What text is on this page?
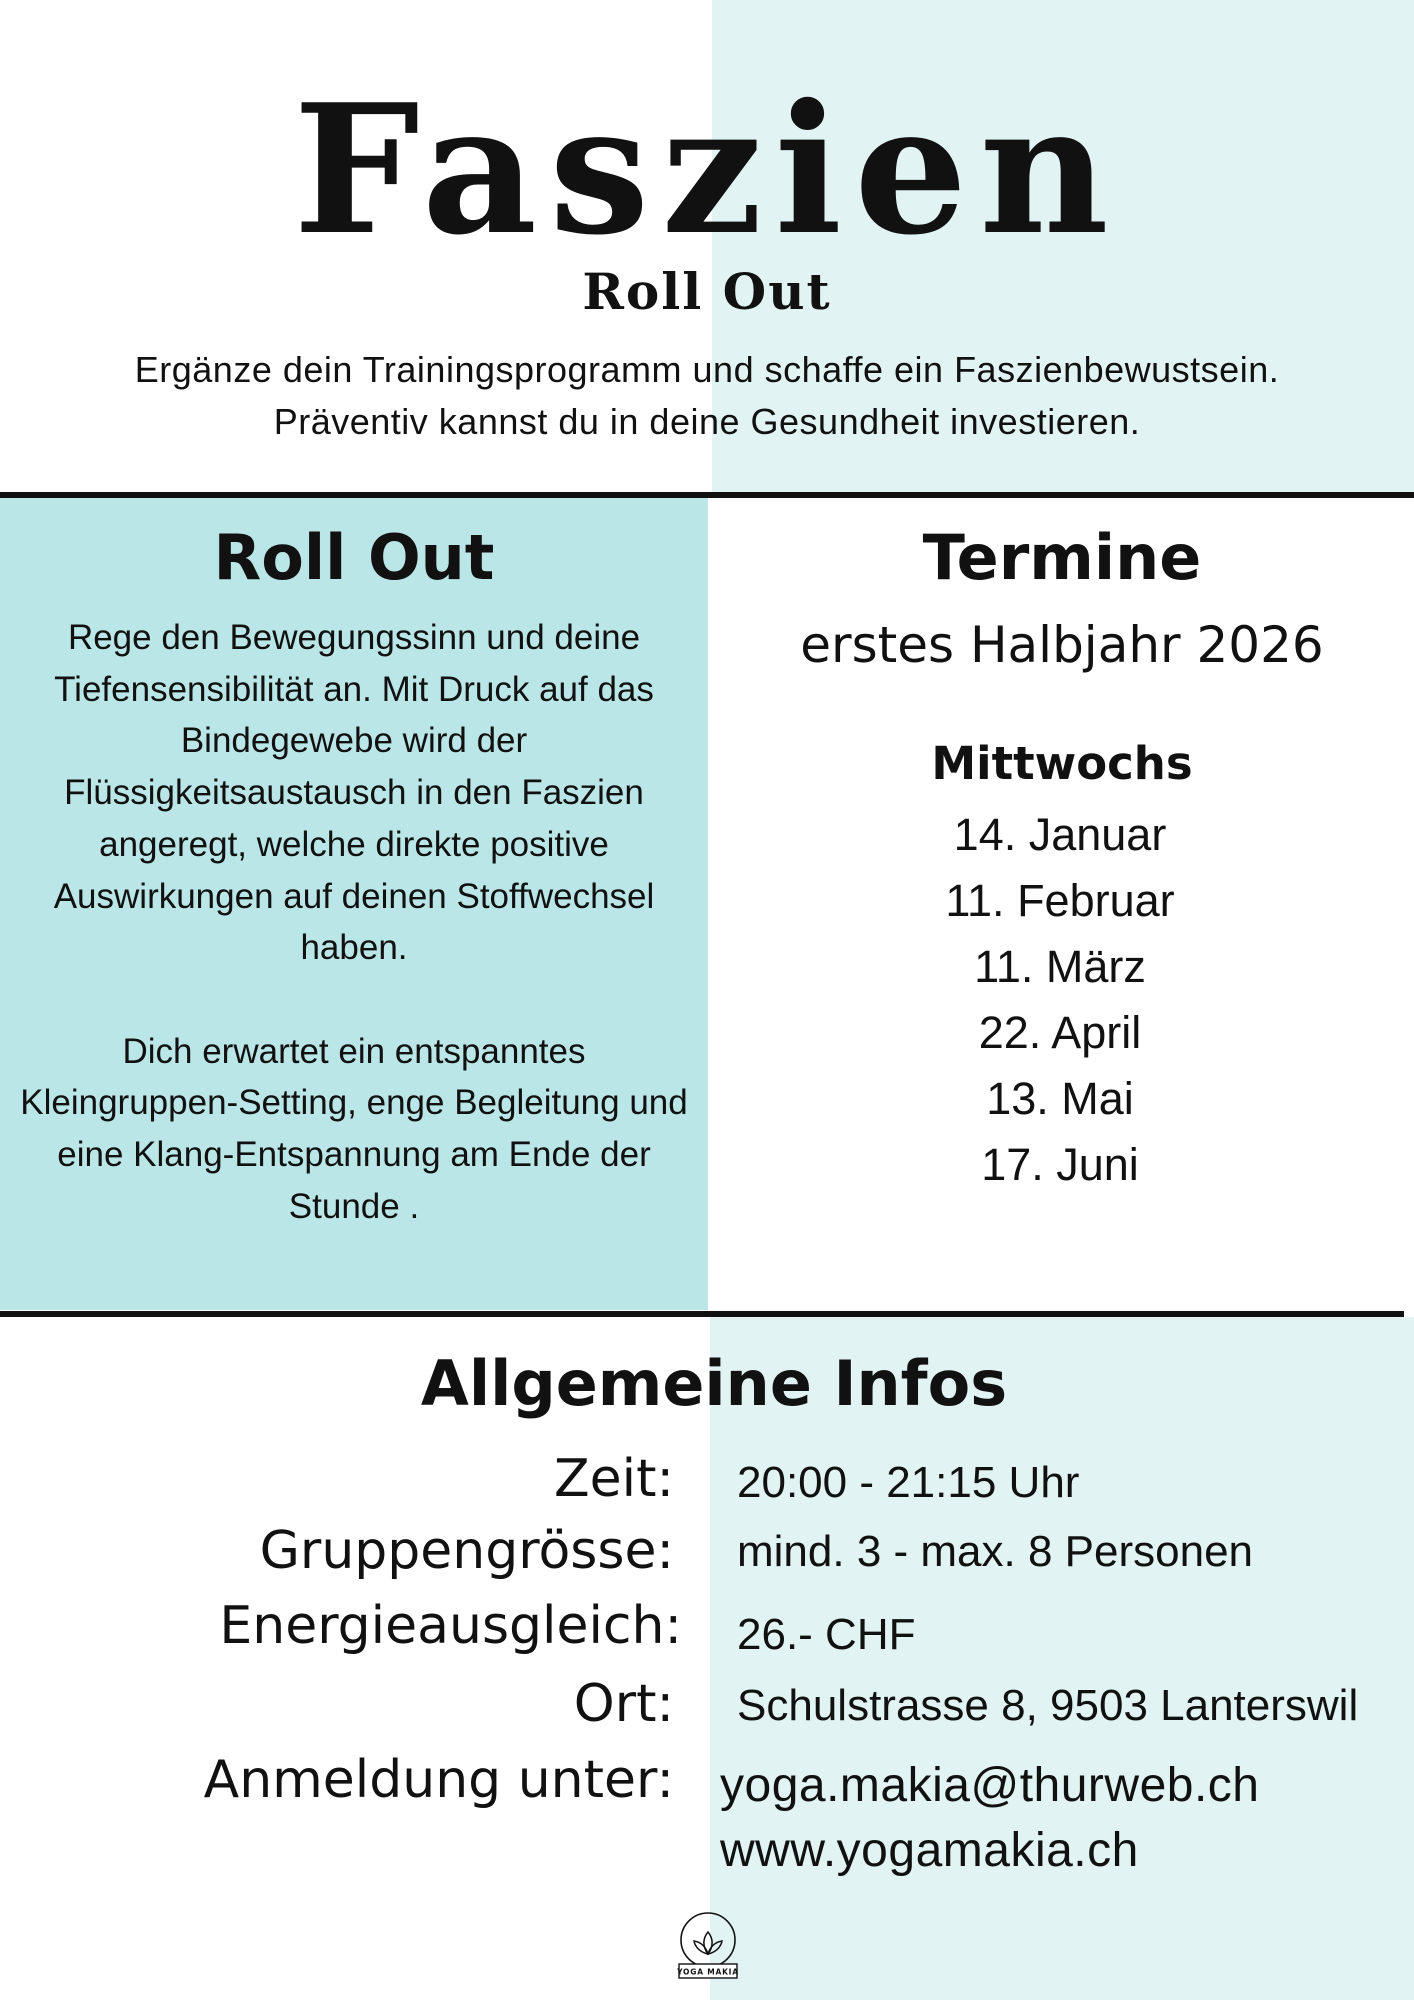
Faszien
Roll Out
Ergänze dein Trainingsprogramm und schaffe ein Faszienbewustsein.
Präventiv kannst du in deine Gesundheit investieren.
Roll Out
Rege den Bewegungssinn und deine Tiefensensibilität an. Mit Druck auf das Bindegewebe wird der Flüssigkeitsaustausch in den Faszien angeregt, welche direkte positive Auswirkungen auf deinen Stoffwechsel haben.
Dich erwartet ein entspanntes Kleingruppen-Setting, enge Begleitung und eine Klang-Entspannung am Ende der Stunde .
Termine
erstes Halbjahr 2026
Mittwochs
14. Januar
11. Februar
11. März
22. April
13. Mai
17. Juni
Allgemeine Infos
Zeit: 20:00 - 21:15 Uhr
Gruppengrösse: mind. 3 - max. 8 Personen
Energieausgleich: 26.- CHF
Ort: Schulstrasse 8, 9503 Lanterswil
Anmeldung unter: yoga.makia@thurweb.ch
www.yogamakia.ch
YOGA MAKIA
